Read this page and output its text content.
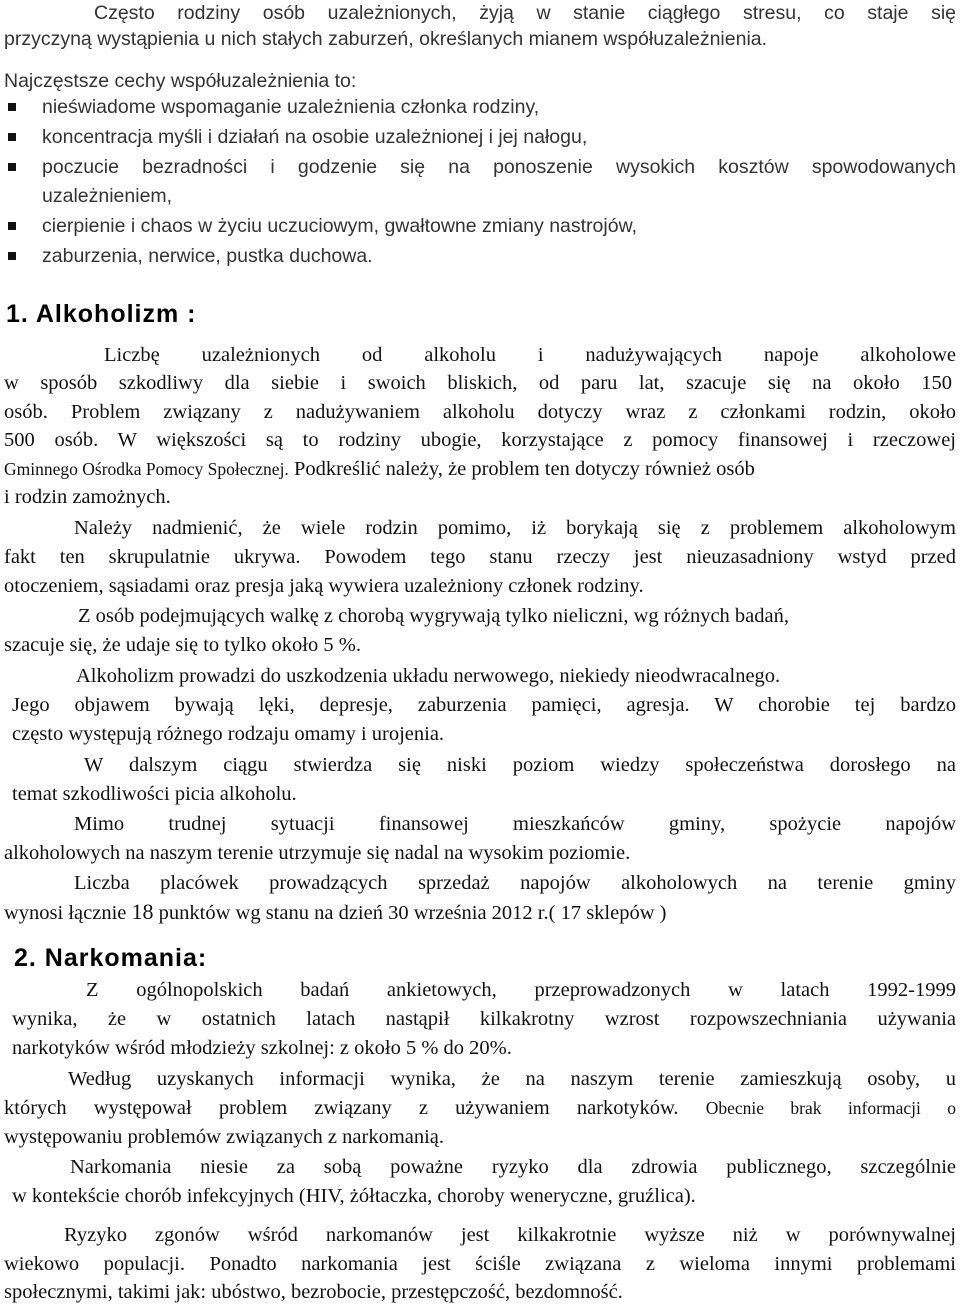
Często rodziny osób uzależnionych, żyją w stanie ciągłego stresu, co staje się
przyczyną wystąpienia u nich stałych zaburzeń, określanych mianem współuzależnienia.
Najczęstsze cechy współuzależnienia to:
nieświadome wspomaganie uzależnienia członka rodziny,
koncentracja myśli i działań na osobie uzależnionej i jej nałogu,
poczucie bezradności i godzenie się na ponoszenie wysokich kosztów spowodowanych
uzależnieniem,
cierpienie i chaos w życiu uczuciowym, gwałtowne zmiany nastrojów,
zaburzenia, nerwice, pustka duchowa.
1. Alkoholizm :
Liczbę uzależnionych od alkoholu i nadużywających napoje alkoholowe
w sposób szkodliwy dla siebie i swoich bliskich, od paru lat, szacuje się na około 150
osób. Problem związany z nadużywaniem alkoholu dotyczy wraz z członkami rodzin, około
500 osób. W większości są to rodziny ubogie, korzystające z pomocy finansowej i rzeczowej
Gminnego Ośrodka Pomocy Społecznej. Podkreślić należy, że problem ten dotyczy również osób
i rodzin zamożnych.
Należy nadmienić, że wiele rodzin pomimo, iż borykają się z problemem alkoholowym
fakt ten skrupulatnie ukrywa. Powodem tego stanu rzeczy jest nieuzasadniony wstyd przed
otoczeniem, sąsiadami oraz presja jaką wywiera uzależniony członek rodziny.
Z osób podejmujących walkę z chorobą wygrywają tylko nieliczni, wg różnych badań,
szacuje się, że udaje się to tylko około 5 %.
Alkoholizm prowadzi do uszkodzenia układu nerwowego, niekiedy nieodwracalnego.
Jego objawem bywają lęki, depresje, zaburzenia pamięci, agresja. W chorobie tej bardzo
często występują różnego rodzaju omamy i urojenia.
W dalszym ciągu stwierdza się niski poziom wiedzy społeczeństwa dorosłego na
temat szkodliwości picia alkoholu.
Mimo trudnej sytuacji finansowej mieszkańców gminy, spożycie napojów
alkoholowych na naszym terenie utrzymuje się nadal na wysokim poziomie.
Liczba placówek prowadzących sprzedaż napojów alkoholowych na terenie gminy
wynosi łącznie 18 punktów wg stanu na dzień 30 września 2012 r.( 17 sklepów )
2. Narkomania:
Z ogólnopolskich badań ankietowych, przeprowadzonych w latach 1992-1999
wynika, że w ostatnich latach nastąpił kilkakrotny wzrost rozpowszechniania używania
narkotyków wśród młodzieży szkolnej: z około 5 % do 20%.
Według uzyskanych informacji wynika, że na naszym terenie zamieszkują osoby, u
których występował problem związany z używaniem narkotyków. Obecnie brak informacji o
występowaniu problemów związanych z narkomanią.
Narkomania niesie za sobą poważne ryzyko dla zdrowia publicznego, szczególnie
w kontekście chorób infekcyjnych (HIV, żółtaczka, choroby weneryczne, gruźlica).
Ryzyko zgonów wśród narkomanów jest kilkakrotnie wyższe niż w porównywalnej
wiekowo populacji. Ponadto narkomania jest ściśle związana z wieloma innymi problemami
społecznymi, takimi jak: ubóstwo, bezrobocie, przestępczość, bezdomność.
